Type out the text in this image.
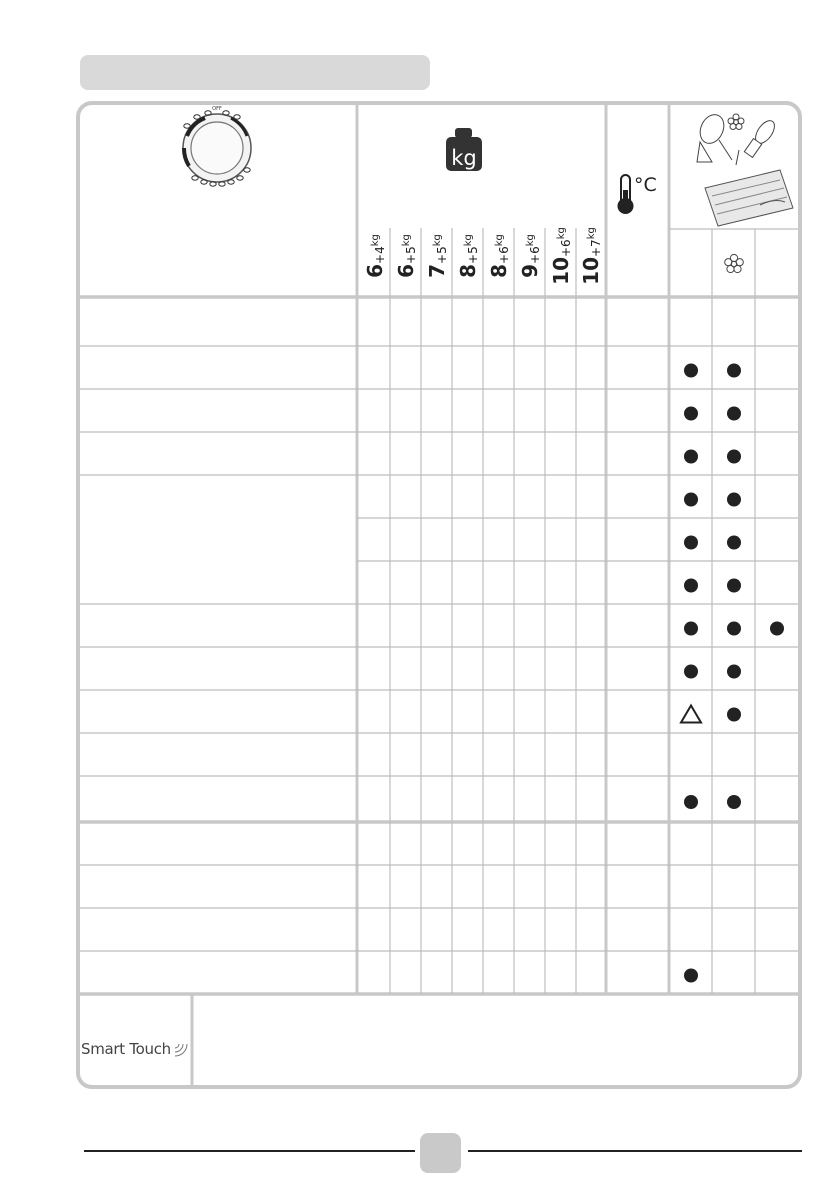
OFF
kg
°C
$6+4^{kg}$
$6+5^{kg}$
$7+5^{kg}$
$8+5^{kg}$
$8+6^{kg}$
$9+6^{kg}$
$10+6^{kg}$
$10+7^{kg}$
Smart Touch
